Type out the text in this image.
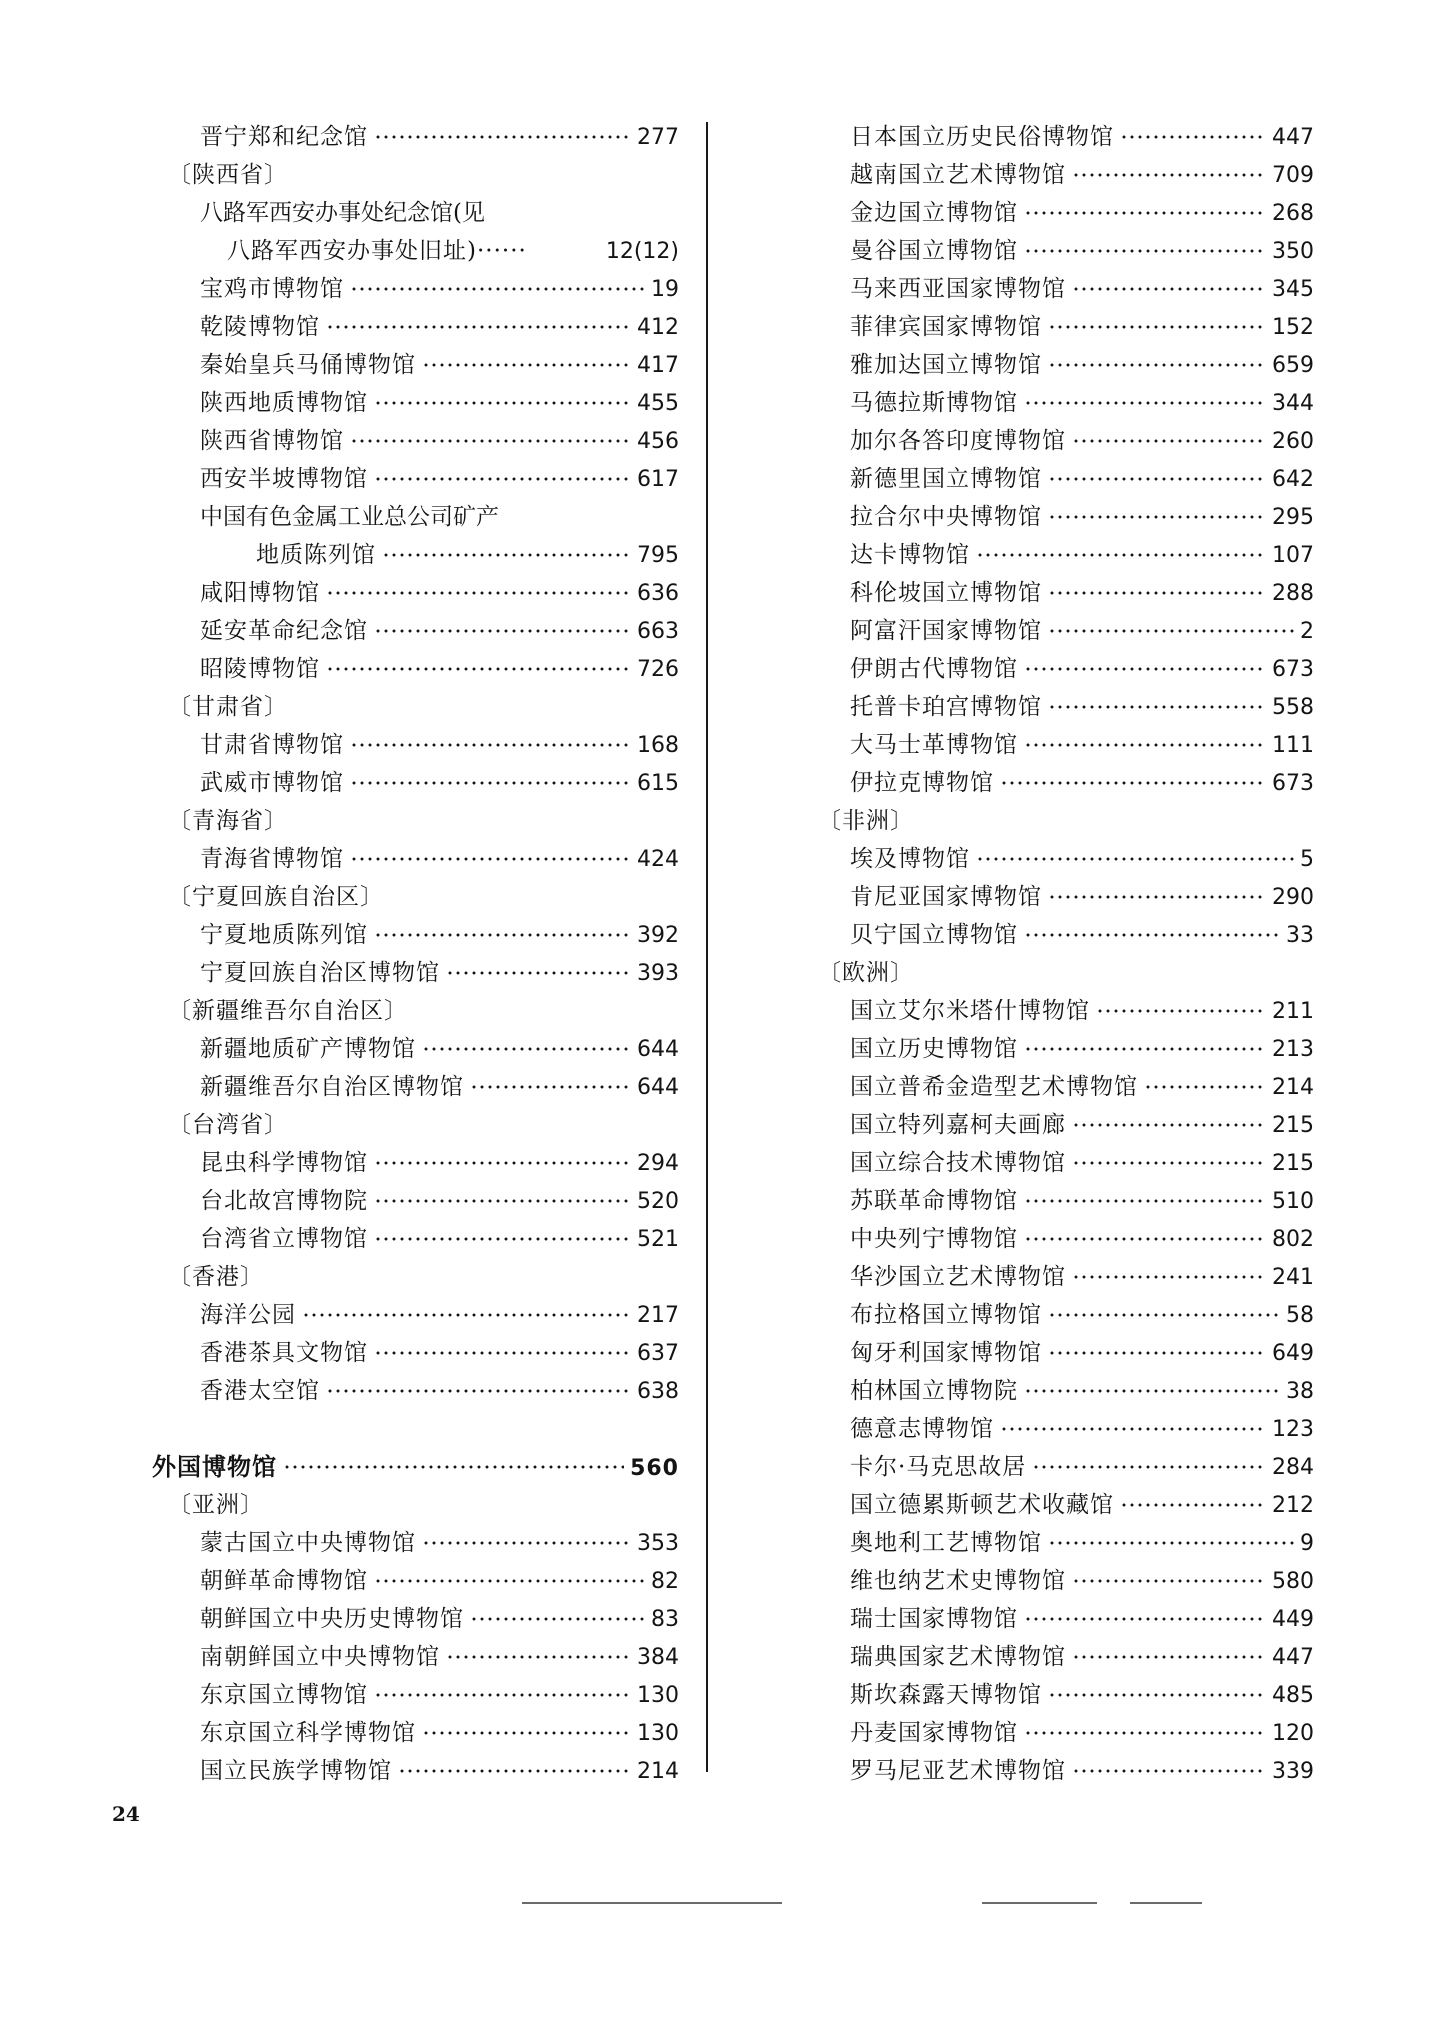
晋宁郑和纪念馆	277
〔陕西省〕
八路军西安办事处纪念馆(见
八路军西安办事处旧址)······	12(12)
宝鸡市博物馆	19
乾陵博物馆	412
秦始皇兵马俑博物馆	417
陕西地质博物馆	455
陕西省博物馆	456
西安半坡博物馆	617
中国有色金属工业总公司矿产
地质陈列馆	795
咸阳博物馆	636
延安革命纪念馆	663
昭陵博物馆	726
〔甘肃省〕
甘肃省博物馆	168
武威市博物馆	615
〔青海省〕
青海省博物馆	424
〔宁夏回族自治区〕
宁夏地质陈列馆	392
宁夏回族自治区博物馆	393
〔新疆维吾尔自治区〕
新疆地质矿产博物馆	644
新疆维吾尔自治区博物馆	644
〔台湾省〕
昆虫科学博物馆	294
台北故宫博物院	520
台湾省立博物馆	521
〔香港〕
海洋公园	217
香港茶具文物馆	637
香港太空馆	638
外国博物馆	560
〔亚洲〕
蒙古国立中央博物馆	353
朝鲜革命博物馆	82
朝鲜国立中央历史博物馆	83
南朝鲜国立中央博物馆	384
东京国立博物馆	130
东京国立科学博物馆	130
国立民族学博物馆	214
日本国立历史民俗博物馆	447
越南国立艺术博物馆	709
金边国立博物馆	268
曼谷国立博物馆	350
马来西亚国家博物馆	345
菲律宾国家博物馆	152
雅加达国立博物馆	659
马德拉斯博物馆	344
加尔各答印度博物馆	260
新德里国立博物馆	642
拉合尔中央博物馆	295
达卡博物馆	107
科伦坡国立博物馆	288
阿富汗国家博物馆	2
伊朗古代博物馆	673
托普卡珀宫博物馆	558
大马士革博物馆	111
伊拉克博物馆	673
〔非洲〕
埃及博物馆	5
肯尼亚国家博物馆	290
贝宁国立博物馆	33
〔欧洲〕
国立艾尔米塔什博物馆	211
国立历史博物馆	213
国立普希金造型艺术博物馆	214
国立特列嘉柯夫画廊	215
国立综合技术博物馆	215
苏联革命博物馆	510
中央列宁博物馆	802
华沙国立艺术博物馆	241
布拉格国立博物馆	58
匈牙利国家博物馆	649
柏林国立博物院	38
德意志博物馆	123
卡尔·马克思故居	284
国立德累斯顿艺术收藏馆	212
奥地利工艺博物馆	9
维也纳艺术史博物馆	580
瑞士国家博物馆	449
瑞典国家艺术博物馆	447
斯坎森露天博物馆	485
丹麦国家博物馆	120
罗马尼亚艺术博物馆	339
24
